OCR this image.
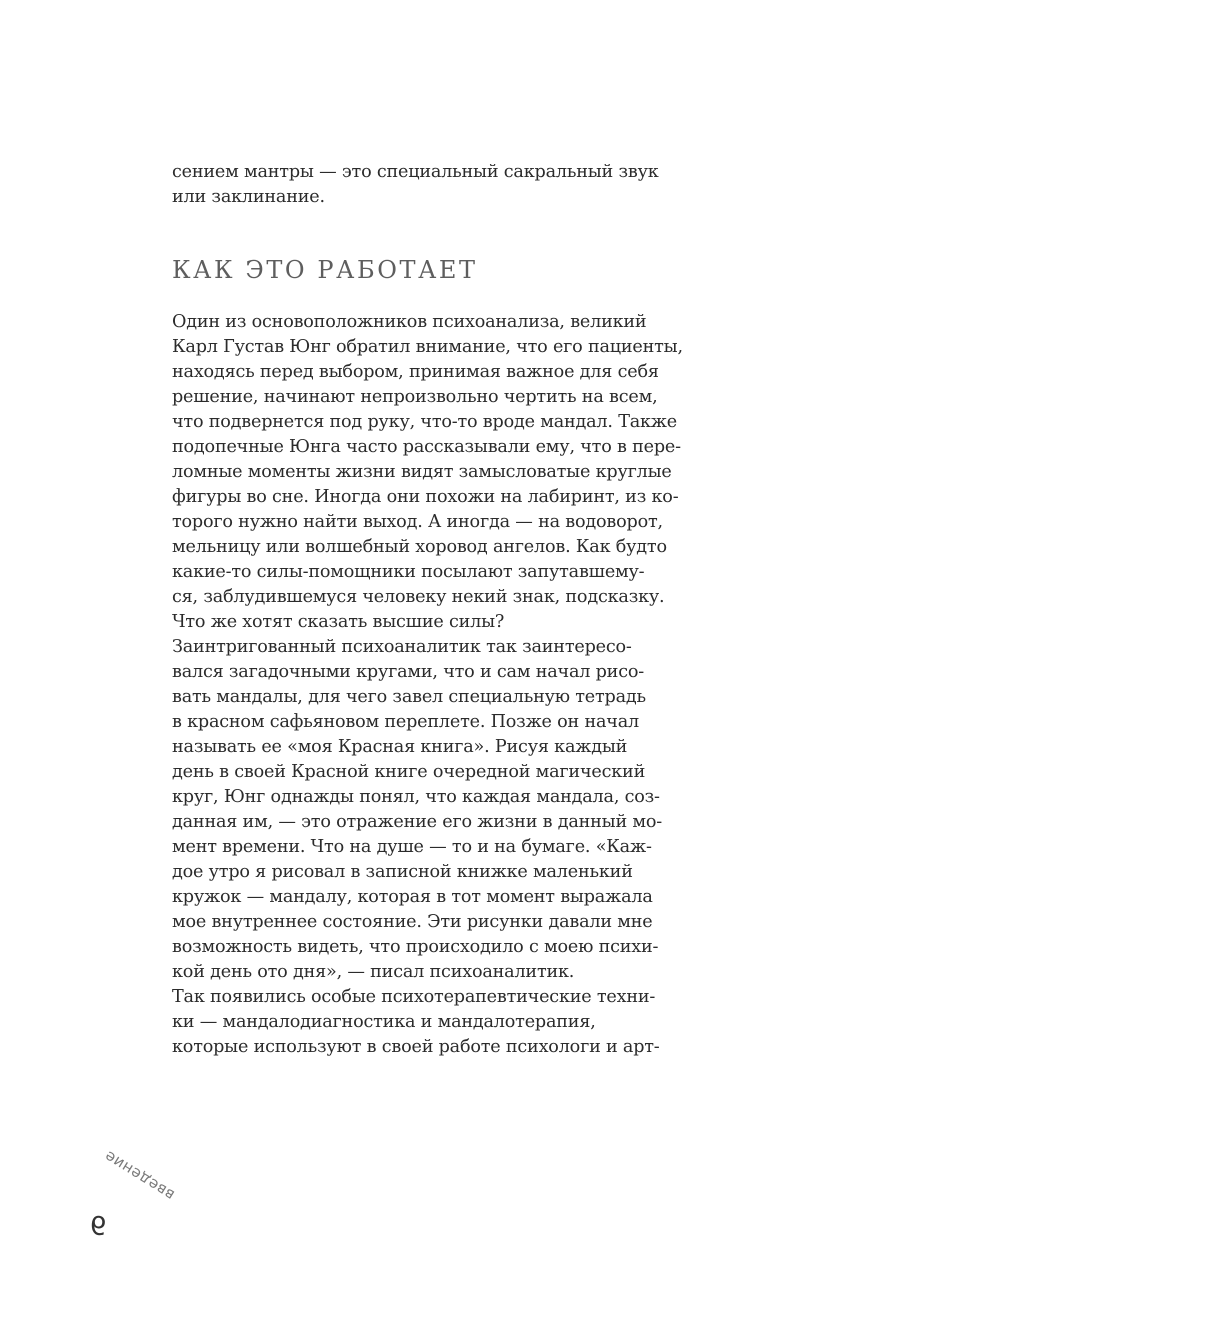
сением мантры — это специальный сакральный звук
или заклинание.
КАК ЭТО РАБОТАЕТ
Один из основоположников психоанализа, великий
Карл Густав Юнг обратил внимание, что его пациенты,
находясь перед выбором, принимая важное для себя
решение, начинают непроизвольно чертить на всем,
что подвернется под руку, что-то вроде мандал. Также
подопечные Юнга часто рассказывали ему, что в пере-
ломные моменты жизни видят замысловатые круглые
фигуры во сне. Иногда они похожи на лабиринт, из ко-
торого нужно найти выход. А иногда — на водоворот,
мельницу или волшебный хоровод ангелов. Как будто
какие-то силы-помощники посылают запутавшему-
ся, заблудившемуся человеку некий знак, подсказку.
Что же хотят сказать высшие силы?
Заинтригованный психоаналитик так заинтересо-
вался загадочными кругами, что и сам начал рисо-
вать мандалы, для чего завел специальную тетрадь
в красном сафьяновом переплете. Позже он начал
называть ее «моя Красная книга». Рисуя каждый
день в своей Красной книге очередной магический
круг, Юнг однажды понял, что каждая мандала, соз-
данная им, — это отражение его жизни в данный мо-
мент времени. Что на душе — то и на бумаге. «Каж-
дое утро я рисовал в записной книжке маленький
кружок — мандалу, которая в тот момент выражала
мое внутреннее состояние. Эти рисунки давали мне
возможность видеть, что происходило с моею психи-
кой день ото дня», — писал психоаналитик.
Так появились особые психотерапевтические техни-
ки — мандалодиагностика и мандалотерапия,
которые используют в своей работе психологи и арт-
введение
9
